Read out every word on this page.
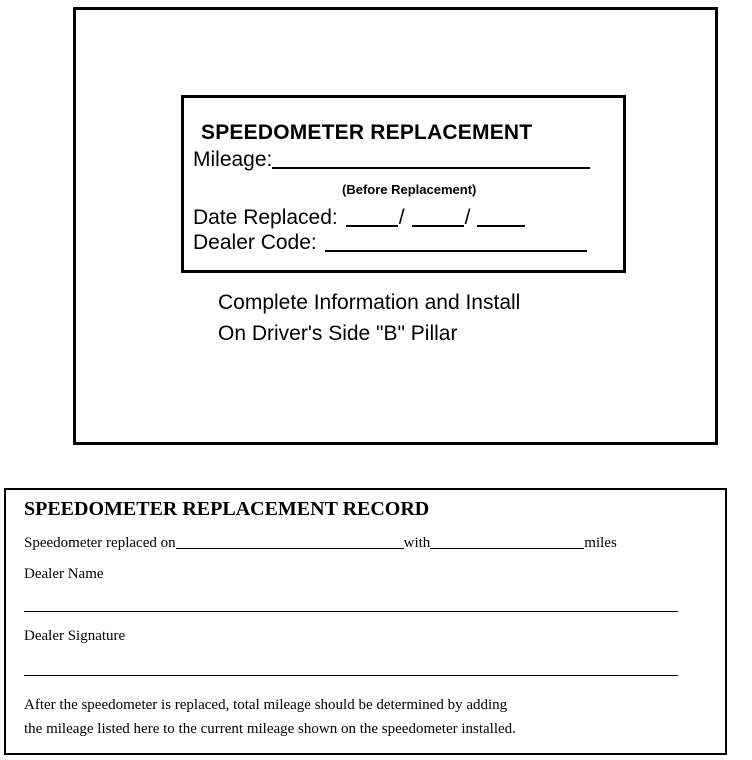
SPEEDOMETER REPLACEMENT
Mileage:
(Before Replacement)
Date Replaced:	/	/
Dealer Code:
Complete Information and Install
On Driver's Side "B" Pillar
SPEEDOMETER REPLACEMENT RECORD
Speedometer replaced on	with	miles
Dealer Name
Dealer Signature
After the speedometer is replaced, total mileage should be determined by adding
the mileage listed here to the current mileage shown on the speedometer installed.
